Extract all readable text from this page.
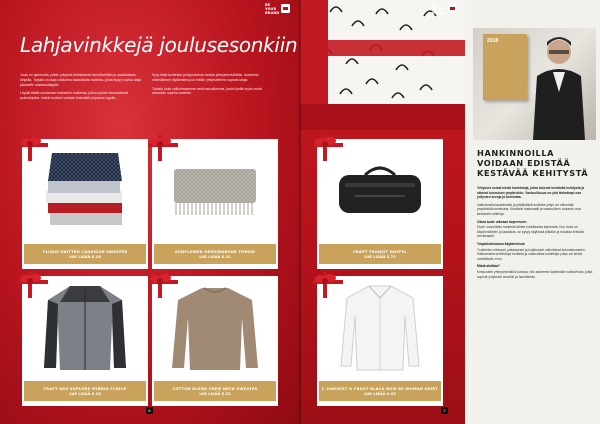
BE
YOUR
BRAND
BE
YOUR
BRAND
Lahjavinkkejä joulusesonkiin

Joulu on ajankohta, jolloin yritykset ilahduttavat henkilöstöään ja asiakkaitaan lahjoilla. Tarjolla on laaja valikoima laadukkaita tuotteita, joista löytyy sopiva lahja jokaiselle vastaanottajalle.

Löydät täältä muutaman esimerkin tuotteista, jotka sopivat erinomaisesti joululahjoiksi. Kaikki tuotteet voidaan brändätä yrityksesi logolla.

Kysy lisää tuotteista ja tarjouksista omalta yhteyshenkilöltäsi. Autamme mielellämme löytämään juuri teidän yrityksellenne sopivat lahjat.

Tutustu koko valikoimaamme verkkosivuillamme, josta löydät myös muita sesonkiin sopivia tuotteita.

CLIQUE KNITTED CARDIGAN SWEATER
LUE LISÄÄ S.16
SUNFLOWER HERRINGBONE THROW
LUE LISÄÄ S.32
CRAFT TRANSIT DUFFEL
LUE LISÄÄ S.71
CRAFT ADV EXPLORE HYBRID FLEECE
LUE LISÄÄ S.18
COTTON BLEND CREW NECK SWEATER
LUE LISÄÄ S.22
J. HARVEST & FROST BLACK BOW 60 WOMAN SHIRT
LUE LISÄÄ S.43
6	7
2018
HANKINNOILLA
VOIDAAN EDISTÄÄ
KESTÄVÄÄ KEHITYSTÄ

Yritykset voivat tehdä hankintoja, jotka tukevat kestävää kehitystä ja ottavat huomioon ympäristön. Vastuullisuus on yhä tärkeämpi osa yritysten arvoja ja toimintaa.

Valitsemalla laadukkaita ja pitkäikäisiä tuotteita yritys voi vähentää ympäristökuormitusta. Kestävät materiaalit ja vastuullinen tuotanto ovat keskeisiä valintoja.

Oikea tuote oikeaan tarpeeseen

Hyvin suunniteltu hankinta lähtee todellisesta tarpeesta. Kun tuote on käytännöllinen ja laadukas, se pysyy käytössä pitkään ja edustaa brändiä arvokkaasti.

Ympäristövastuu käytännössä

Tuotteiden elinkaari, pakkaukset ja kuljetukset vaikuttavat kokonaisuuteen. Valitsemalla sertifioituja tuotteita ja vastuullisia toimittajia yritys voi tehdä merkittävän eron.

Mistä aloittaa?

Keskustele yhteyshenkilösi kanssa, niin autamme löytämään vaihtoehdot, jotka sopivat yrityksesi arvoihin ja tavoitteisiin.
